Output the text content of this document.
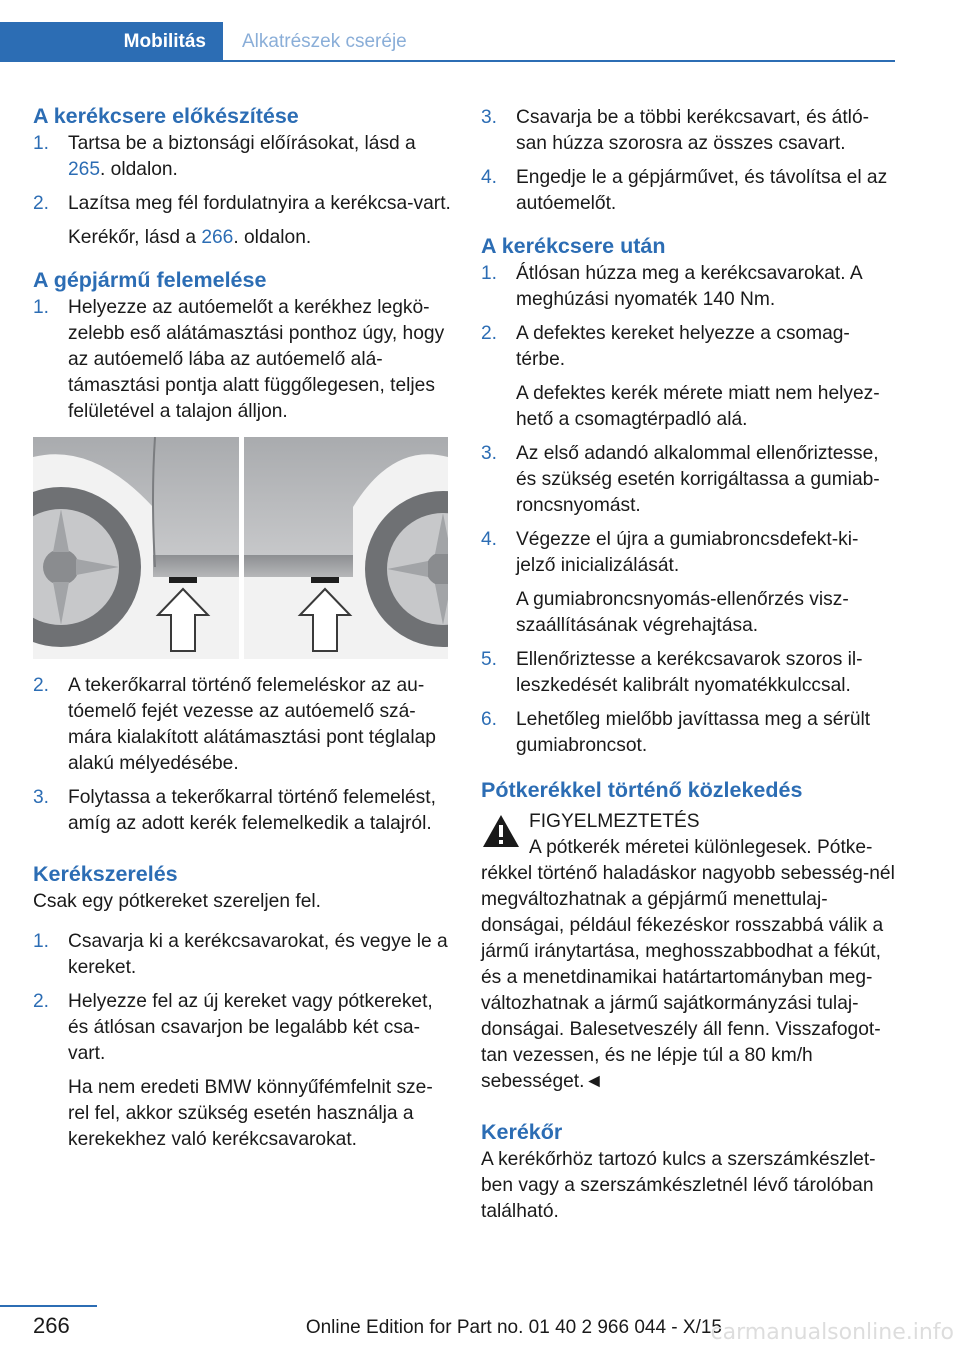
Mobilitás Alkatrészek cseréje
A kerékcsere előkészítése
1. Tartsa be a biztonsági előírásokat, lásd a 265. oldalon.

2. Lazítsa meg fél fordulatnyira a kerékcsa-vart.

Kerékőr, lásd a 266. oldalon.

A gépjármű felemelése
1. Helyezze az autóemelőt a kerékhez legkö-zelebb eső alátámasztási ponthoz úgy, hogy az autóemelő lába az autóemelő alá-támasztási pontja alatt függőlegesen, teljes felületével a talajon álljon.

2. A tekerőkarral történő felemeléskor az au-tóemelő fejét vezesse az autóemelő szá-mára kialakított alátámasztási pont téglalap alakú mélyedésébe.

3. Folytassa a tekerőkarral történő felemelést, amíg az adott kerék felemelkedik a talajról.

Kerékszerelés

Csak egy pótkereket szereljen fel.

1. Csavarja ki a kerékcsavarokat, és vegye le a kereket.

2. Helyezze fel az új kereket vagy pótkereket, és átlósan csavarjon be legalább két csa-vart.

Ha nem eredeti BMW könnyűfémfelnit sze-rel fel, akkor szükség esetén használja a kerekekhez való kerékcsavarokat.

3. Csavarja be a többi kerékcsavart, és átló-san húzza szorosra az összes csavart.

4. Engedje le a gépjárművet, és távolítsa el az autóemelőt.

A kerékcsere után
1. Átlósan húzza meg a kerékcsavarokat. A meghúzási nyomaték 140 Nm.

2. A defektes kereket helyezze a csomag-térbe.

A defektes kerék mérete miatt nem helyez-hető a csomagtérpadló alá.

3. Az első adandó alkalommal ellenőriztesse, és szükség esetén korrigáltassa a gumiab-roncsnyomást.

4. Végezze el újra a gumiabroncsdefekt-ki-jelző inicializálását.

A gumiabroncsnyomás-ellenőrzés visz-szaállításának végrehajtása.

5. Ellenőriztesse a kerékcsavarok szoros il-leszkedését kalibrált nyomatékkulccsal.

6. Lehetőleg mielőbb javíttassa meg a sérült gumiabroncsot.

Pótkerékkel történő közlekedés

FIGYELMEZTETÉS

A pótkerék méretei különlegesek. Pótke-rékkel történő haladáskor nagyobb sebesség-nél megváltozhatnak a gépjármű menettulaj-donságai, például fékezéskor rosszabbá válik a jármű iránytartása, meghosszabbodhat a fékút, és a menetdinamikai határtartományban meg-változhatnak a jármű sajátkormányzási tulaj-donságai. Balesetveszély áll fenn. Visszafogot-tan vezessen, és ne lépje túl a 80 km/h sebességet.◄

Kerékőr

A kerékőrhöz tartozó kulcs a szerszámkészlet-ben vagy a szerszámkészletnél lévő tárolóban található.

266	Online Edition for Part no. 01 40 2 966 044 - X/15
carmanualsonline.info
